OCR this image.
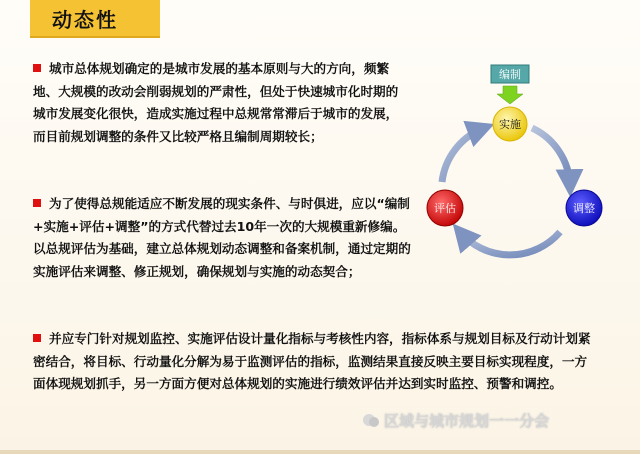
动态性
城市总体规划确定的是城市发展的基本原则与大的方向，频繁地、大规模的改动会削弱规划的严肃性，但处于快速城市化时期的城市发展变化很快，造成实施过程中总规常常滞后于城市的发展，而目前规划调整的条件又比较严格且编制周期较长；
为了使得总规能适应不断发展的现实条件、与时俱进，应以“编制+实施+评估+调整”的方式代替过去10年一次的大规模重新修编。以总规评估为基础，建立总体规划动态调整和备案机制，通过定期的实施评估来调整、修正规划，确保规划与实施的动态契合；
并应专门针对规划监控、实施评估设计量化指标与考核性内容，指标体系与规划目标及行动计划紧密结合，将目标、行动量化分解为易于监测评估的指标，监测结果直接反映主要目标实现程度，一方面体现规划抓手，另一方面方便对总体规划的实施进行绩效评估并达到实时监控、预警和调控。
编制
实施
调整
评估
区域与城市规划一一分会
